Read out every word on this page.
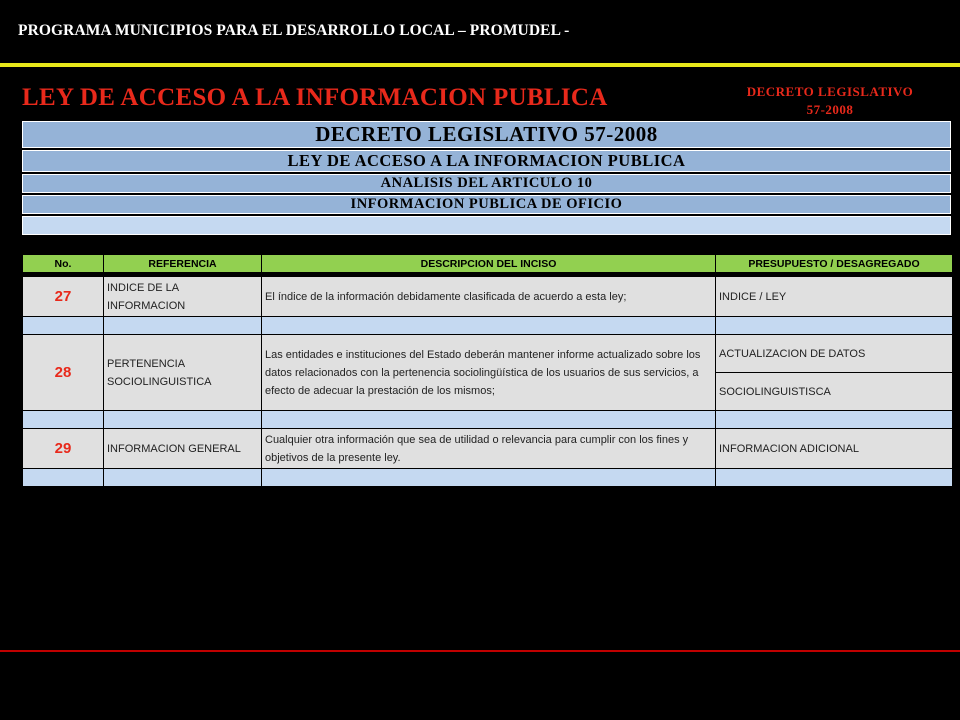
PROGRAMA MUNICIPIOS PARA EL DESARROLLO LOCAL – PROMUDEL -
LEY DE ACCESO A LA INFORMACION PUBLICA	DECRETO LEGISLATIVO
57-2008
DECRETO LEGISLATIVO 57-2008
LEY DE ACCESO A LA INFORMACION PUBLICA
ANALISIS DEL ARTICULO 10
INFORMACION PUBLICA DE OFICIO
No.	REFERENCIA	DESCRIPCION DEL INCISO	PRESUPUESTO / DESAGREGADO

27	INDICE DE LA INFORMACION	El índice de la información debidamente clasificada de acuerdo a esta ley;	INDICE / LEY

28	PERTENENCIA SOCIOLINGUISTICA	Las entidades e instituciones del Estado deberán mantener informe actualizado sobre los datos relacionados con la pertenencia sociolingüística de los usuarios de sus servicios, a efecto de adecuar la prestación de los mismos;	ACTUALIZACION DE DATOS
			SOCIOLINGUISTISCA

29	INFORMACION GENERAL	Cualquier otra información que sea de utilidad o relevancia para cumplir con los fines y objetivos de la presente ley.	INFORMACION ADICIONAL
